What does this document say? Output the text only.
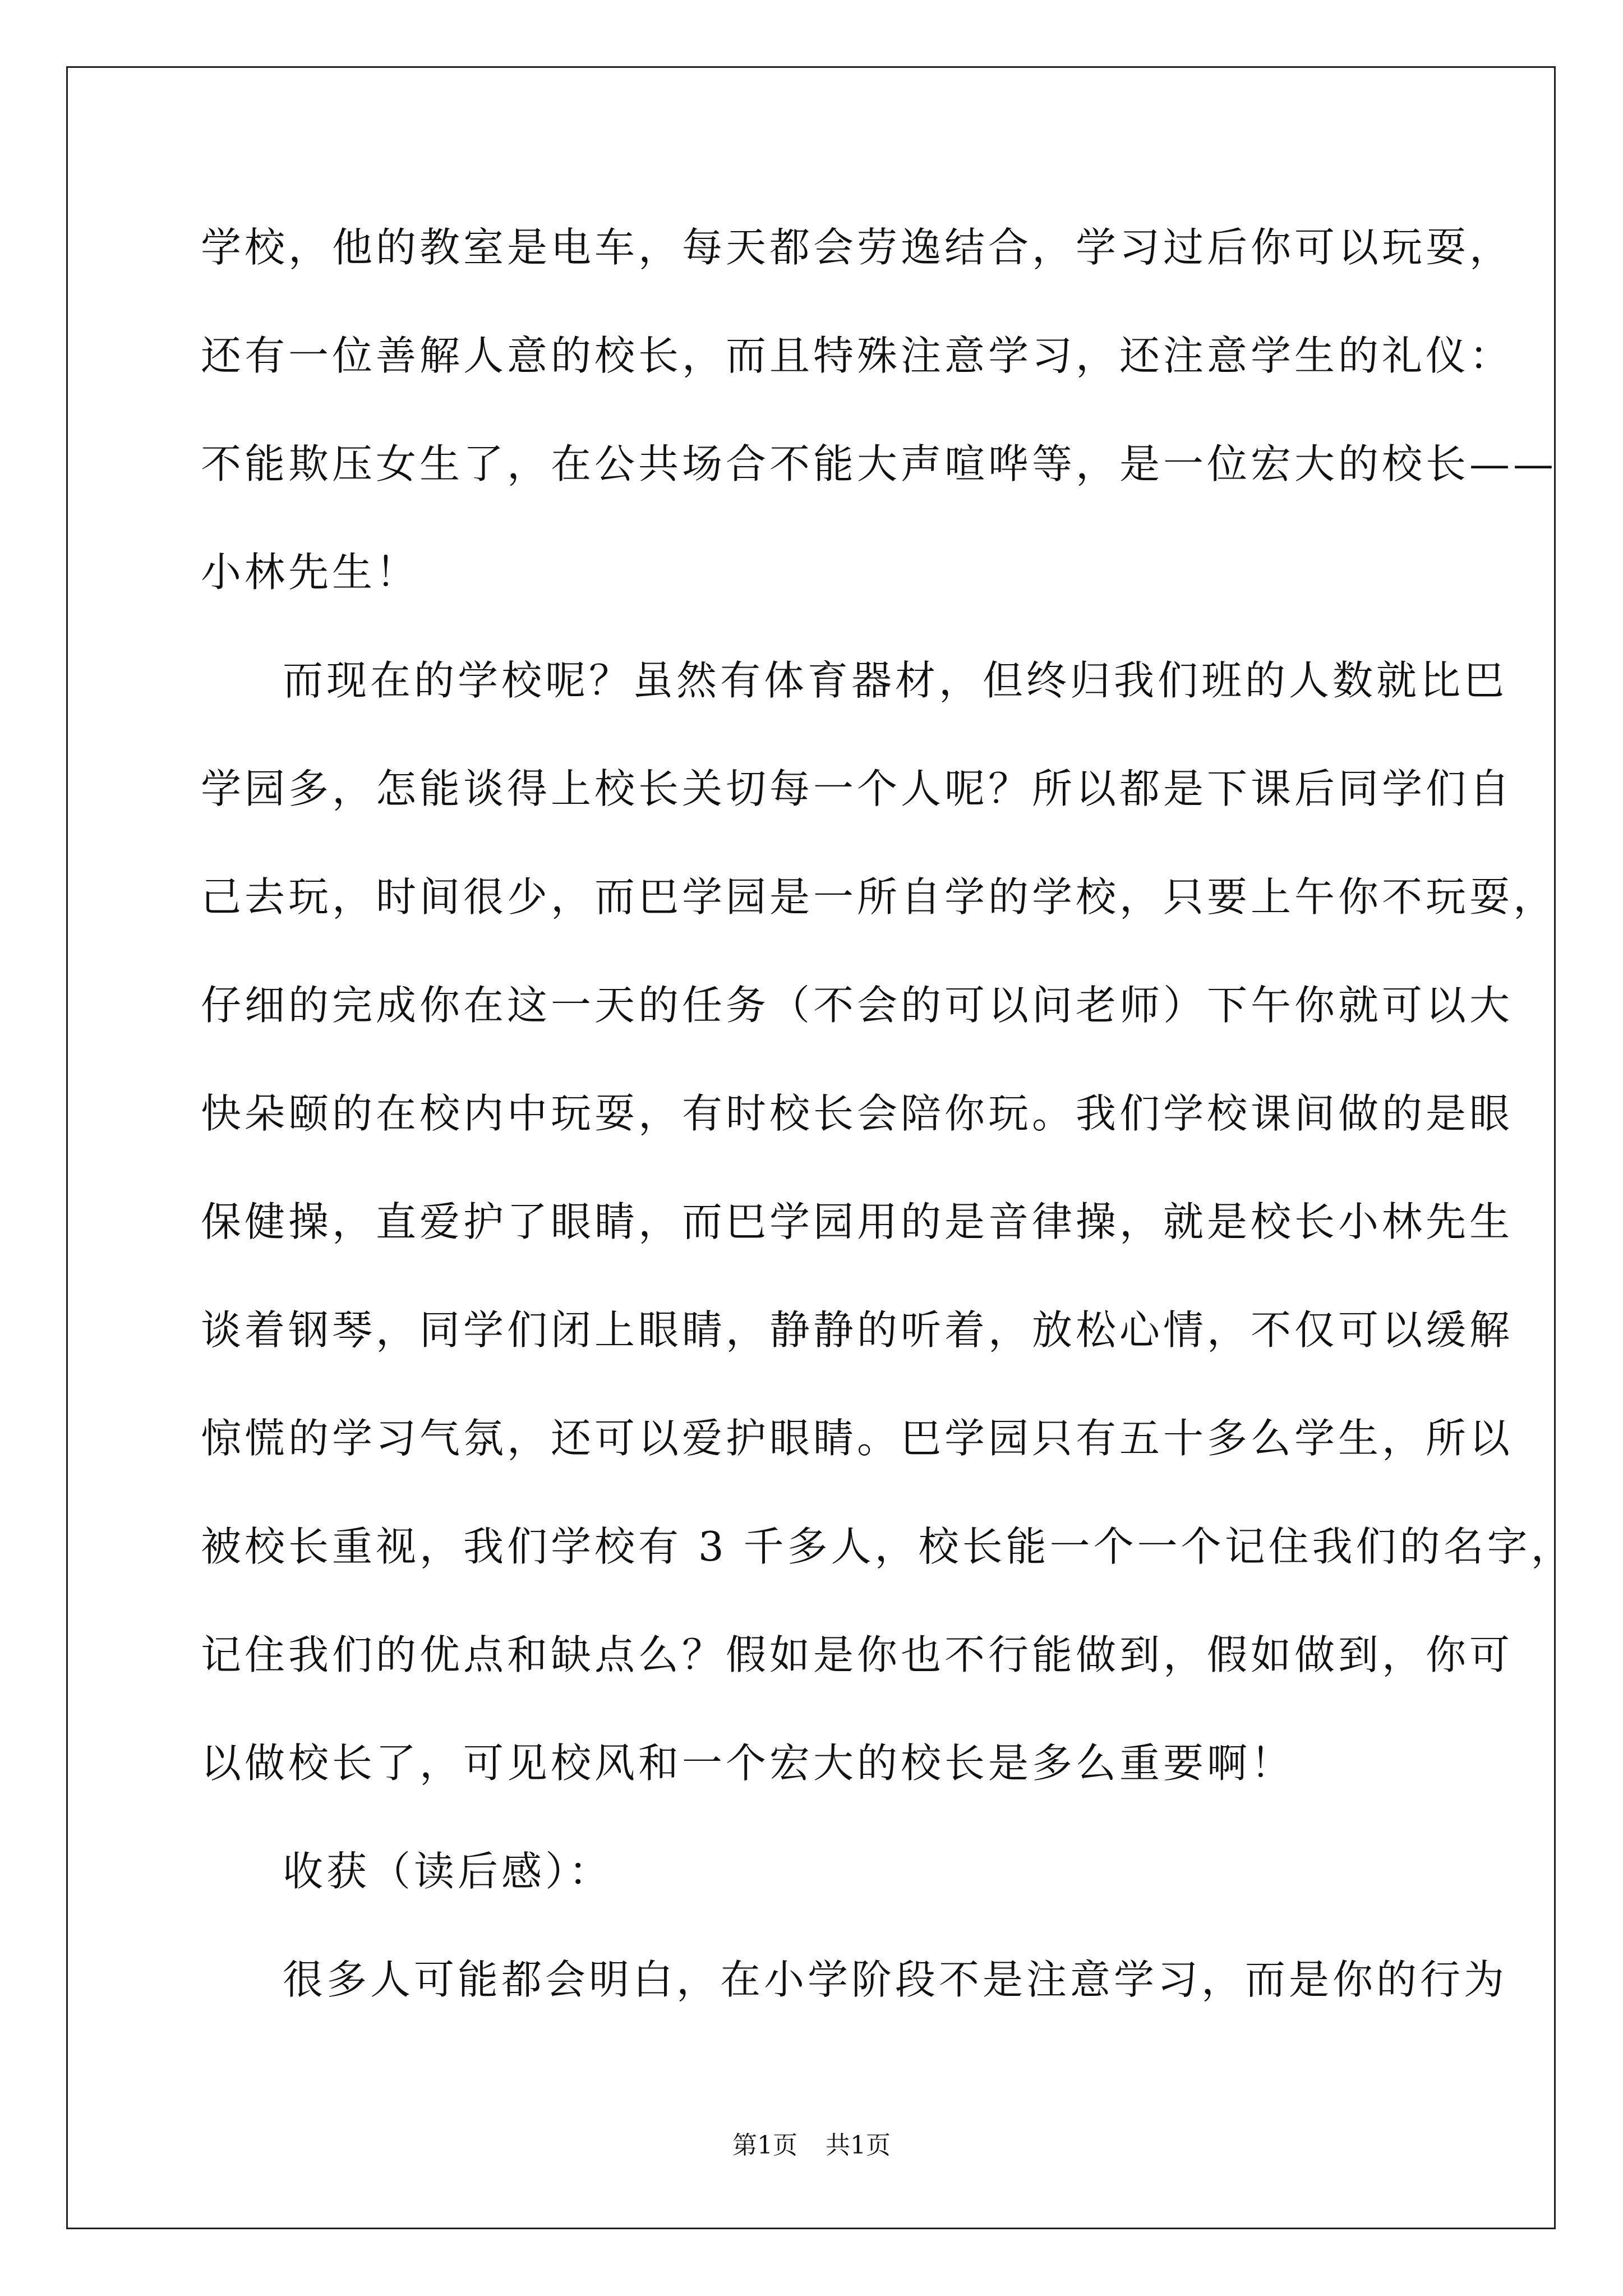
学校，他的教室是电车，每天都会劳逸结合，学习过后你可以玩耍，
还有一位善解人意的校长，而且特殊注意学习，还注意学生的礼仪：
不能欺压女生了，在公共场合不能大声喧哗等，是一位宏大的校长——
小林先生！
而现在的学校呢？虽然有体育器材，但终归我们班的人数就比巴
学园多，怎能谈得上校长关切每一个人呢？所以都是下课后同学们自
己去玩，时间很少，而巴学园是一所自学的学校，只要上午你不玩耍，
仔细的完成你在这一天的任务（不会的可以问老师）下午你就可以大
快朵颐的在校内中玩耍，有时校长会陪你玩。我们学校课间做的是眼
保健操，直爱护了眼睛，而巴学园用的是音律操，就是校长小林先生
谈着钢琴，同学们闭上眼睛，静静的听着，放松心情，不仅可以缓解
惊慌的学习气氛，还可以爱护眼睛。巴学园只有五十多么学生，所以
被校长重视，我们学校有 3 千多人，校长能一个一个记住我们的名字，
记住我们的优点和缺点么？假如是你也不行能做到，假如做到，你可
以做校长了，可见校风和一个宏大的校长是多么重要啊！
收获（读后感）：
很多人可能都会明白，在小学阶段不是注意学习，而是你的行为
第1页 共1页
